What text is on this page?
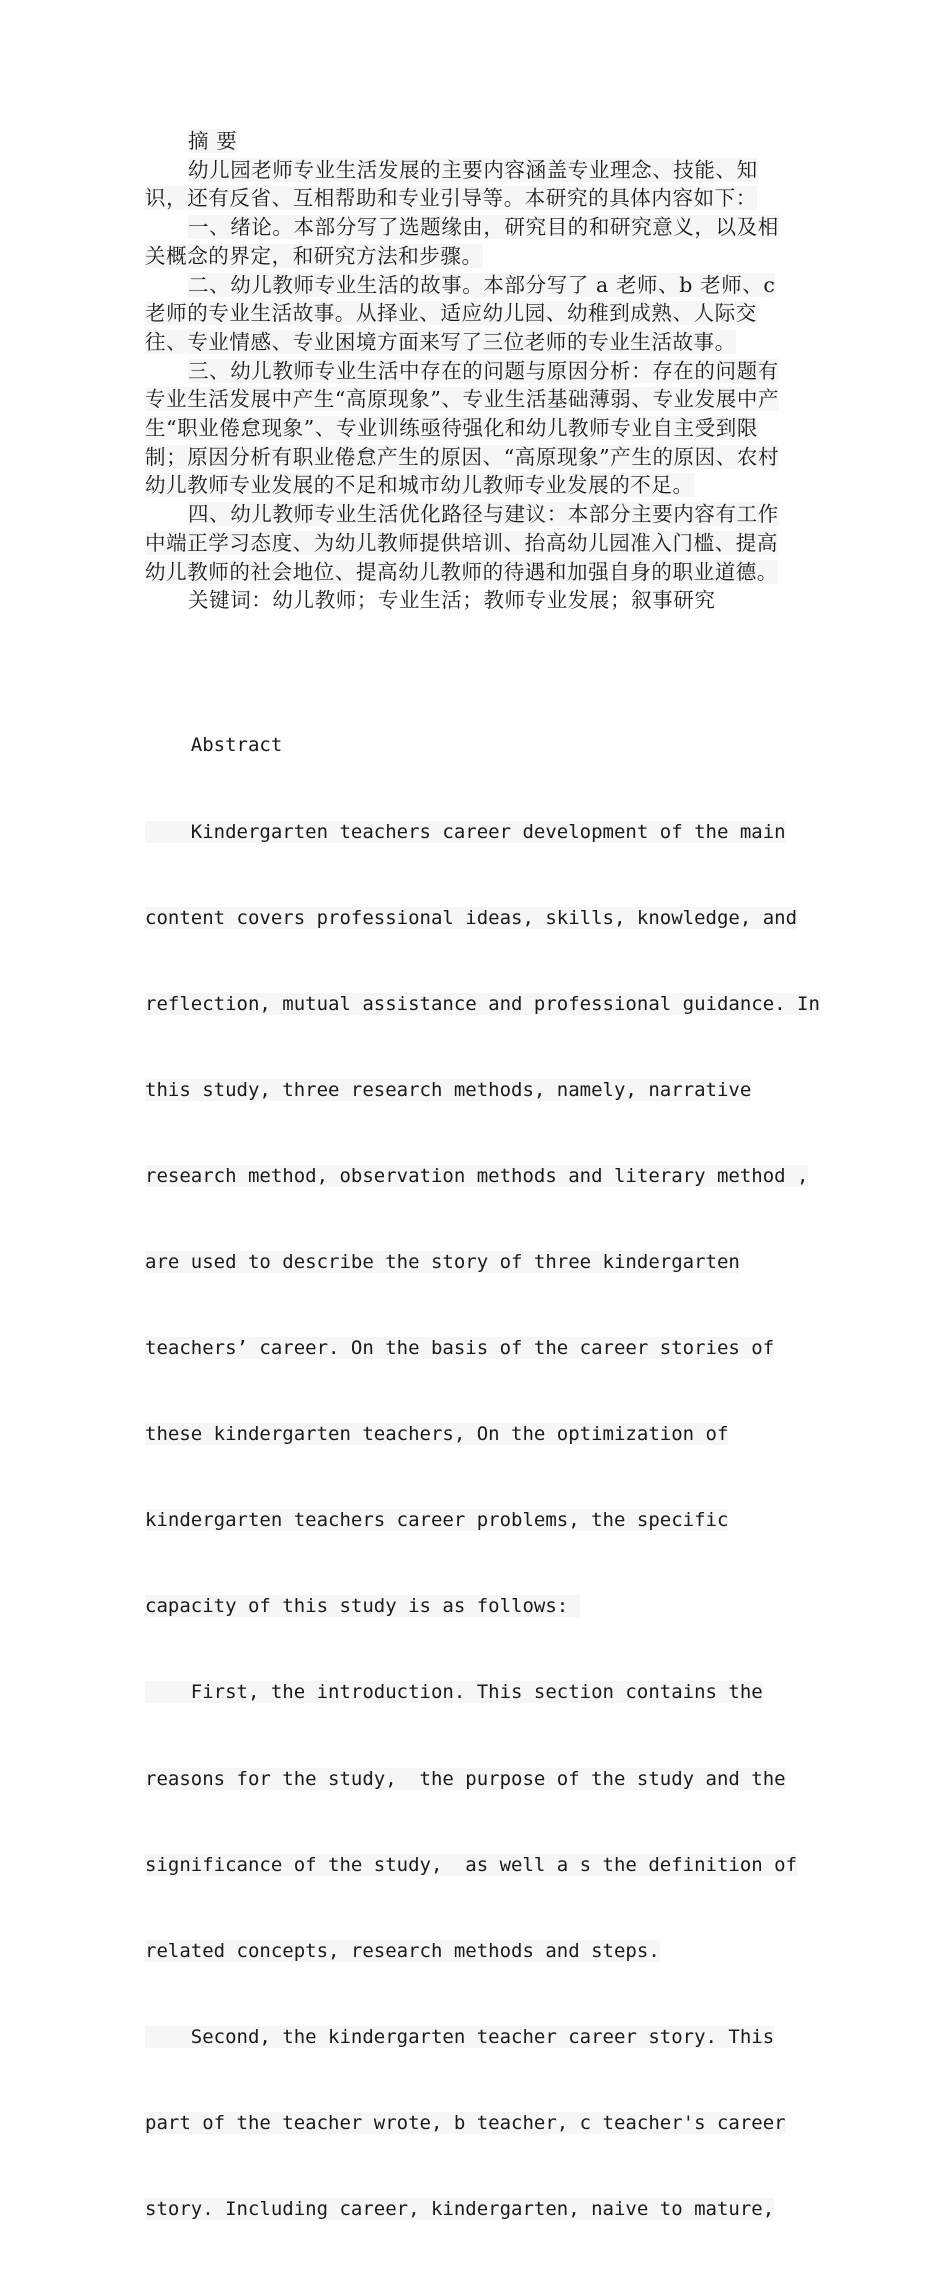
摘 要

幼儿园老师专业生活发展的主要内容涵盖专业理念、技能、知识，还有反省、互相帮助和专业引导等。本研究的具体内容如下：

一、绪论。本部分写了选题缘由，研究目的和研究意义，以及相关概念的界定，和研究方法和步骤。

二、幼儿教师专业生活的故事。本部分写了 a 老师、b 老师、c 老师的专业生活故事。从择业、适应幼儿园、幼稚到成熟、人际交往、专业情感、专业困境方面来写了三位老师的专业生活故事。

三、幼儿教师专业生活中存在的问题与原因分析：存在的问题有专业生活发展中产生“高原现象”、专业生活基础薄弱、专业发展中产生“职业倦怠现象”、专业训练亟待强化和幼儿教师专业自主受到限制；原因分析有职业倦怠产生的原因、“高原现象”产生的原因、农村幼儿教师专业发展的不足和城市幼儿教师专业发展的不足。

四、幼儿教师专业生活优化路径与建议：本部分主要内容有工作中端正学习态度、为幼儿教师提供培训、抬高幼儿园准入门槛、提高幼儿教师的社会地位、提高幼儿教师的待遇和加强自身的职业道德。

关键词：幼儿教师；专业生活；教师专业发展；叙事研究

Abstract

Kindergarten teachers career development of the main

content covers professional ideas, skills, knowledge, and

reflection, mutual assistance and professional guidance. In

this study, three research methods, namely, narrative

research method, observation methods and literary method ,

are used to describe the story of three kindergarten

teachers’ career. On the basis of the career stories of

these kindergarten teachers, On the optimization of

kindergarten teachers career problems, the specific

capacity of this study is as follows:

First, the introduction. This section contains the

reasons for the study,  the purpose of the study and the

significance of the study,  as well a s the definition of

related concepts, research methods and steps.

Second, the kindergarten teacher career story. This

part of the teacher wrote, b teacher, c teacher's career

story. Including career, kindergarten, naive to mature,
